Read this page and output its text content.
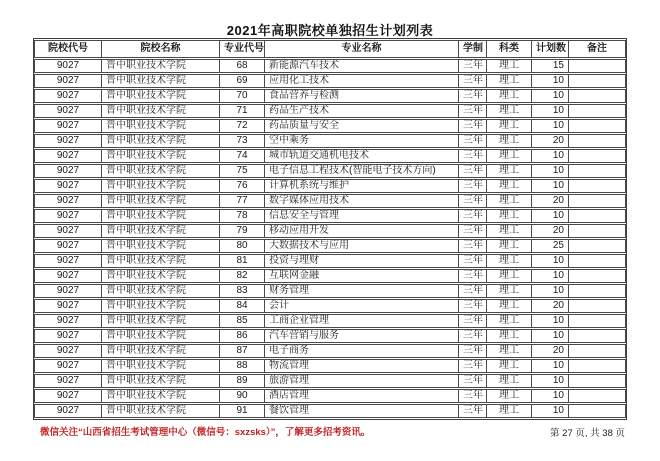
2021年高职院校单独招生计划列表
院校代号	院校名称	专业代号	专业名称	学制	科类	计划数	备注
9027	晋中职业技术学院	68	新能源汽车技术	三年	理工	15	
9027	晋中职业技术学院	69	应用化工技术	三年	理工	10	
9027	晋中职业技术学院	70	食品营养与检测	三年	理工	10	
9027	晋中职业技术学院	71	药品生产技术	三年	理工	10	
9027	晋中职业技术学院	72	药品质量与安全	三年	理工	10	
9027	晋中职业技术学院	73	空中乘务	三年	理工	20	
9027	晋中职业技术学院	74	城市轨道交通机电技术	三年	理工	10	
9027	晋中职业技术学院	75	电子信息工程技术(智能电子技术方向)	三年	理工	10	
9027	晋中职业技术学院	76	计算机系统与维护	三年	理工	10	
9027	晋中职业技术学院	77	数字媒体应用技术	三年	理工	20	
9027	晋中职业技术学院	78	信息安全与管理	三年	理工	10	
9027	晋中职业技术学院	79	移动应用开发	三年	理工	20	
9027	晋中职业技术学院	80	大数据技术与应用	三年	理工	25	
9027	晋中职业技术学院	81	投资与理财	三年	理工	10	
9027	晋中职业技术学院	82	互联网金融	三年	理工	10	
9027	晋中职业技术学院	83	财务管理	三年	理工	10	
9027	晋中职业技术学院	84	会计	三年	理工	20	
9027	晋中职业技术学院	85	工商企业管理	三年	理工	10	
9027	晋中职业技术学院	86	汽车营销与服务	三年	理工	10	
9027	晋中职业技术学院	87	电子商务	三年	理工	20	
9027	晋中职业技术学院	88	物流管理	三年	理工	10	
9027	晋中职业技术学院	89	旅游管理	三年	理工	10	
9027	晋中职业技术学院	90	酒店管理	三年	理工	10	
9027	晋中职业技术学院	91	餐饮管理	三年	理工	10	
微信关注“山西省招生考试管理中心（微信号：sxzsks）”，了解更多招考资讯。	第 27 页, 共 38 页
